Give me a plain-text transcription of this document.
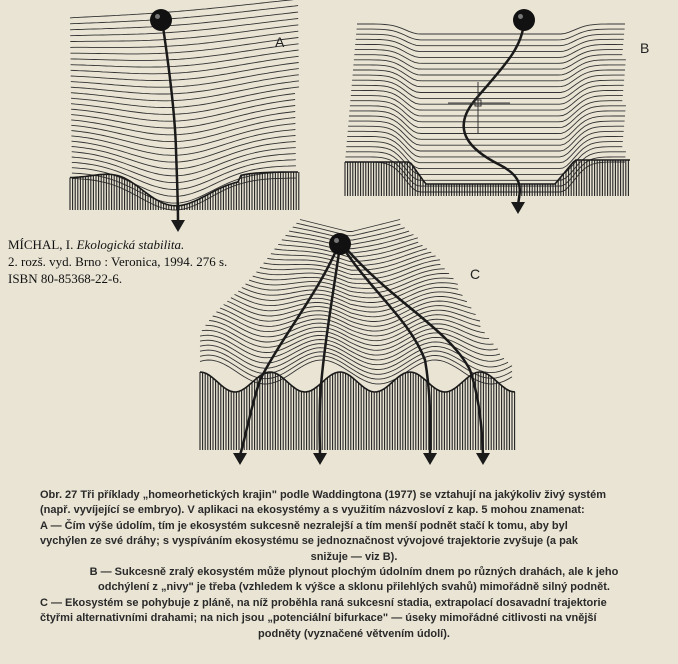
A	B
C
MÍCHAL, I. Ekologická stabilita.
2. rozš. vyd. Brno : Veronica, 1994. 276 s.
ISBN 80-85368-22-6.

Obr. 27 Tři příklady „homeorhetických krajin" podle Waddingtona (1977) se vztahují na jakýkoliv živý systém

(např. vyvíjející se embryo). V aplikaci na ekosystémy a s využitím názvosloví z kap. 5 mohou znamenat:

A — Čím výše údolím, tím je ekosystém sukcesně nezralejší a tím menší podnět stačí k tomu, aby byl

vychýlen ze své dráhy; s vyspíváním ekosystému se jednoznačnost vývojové trajektorie zvyšuje (a pak

snižuje — viz B).

B — Sukcesně zralý ekosystém může plynout plochým údolním dnem po různých drahách, ale k jeho

odchýlení z „nivy" je třeba (vzhledem k výšce a sklonu přilehlých svahů) mimořádně silný podnět.

C — Ekosystém se pohybuje z pláně, na níž proběhla raná sukcesní stadia, extrapolací dosavadní trajektorie

čtyřmi alternativními drahami; na nich jsou „potenciální bifurkace" — úseky mimořádné citlivosti na vnější

podněty (vyznačené větvením údolí).
